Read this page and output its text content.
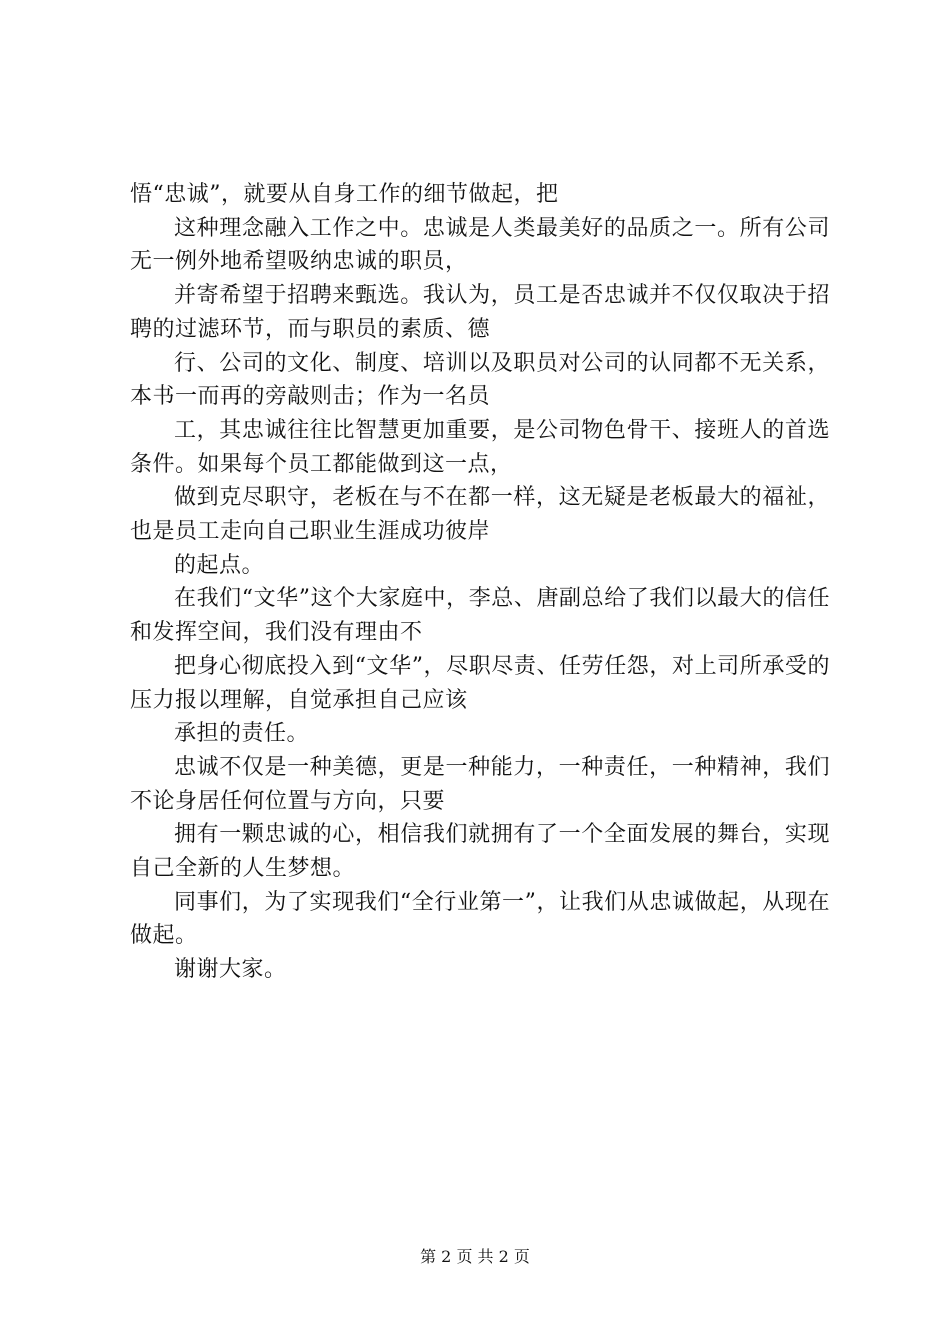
悟“忠诚”，就要从自身工作的细节做起，把

这种理念融入工作之中。忠诚是人类最美好的品质之一。所有公司无一例外地希望吸纳忠诚的职员，

并寄希望于招聘来甄选。我认为，员工是否忠诚并不仅仅取决于招聘的过滤环节，而与职员的素质、德

行、公司的文化、制度、培训以及职员对公司的认同都不无关系，本书一而再的旁敲则击；作为一名员

工，其忠诚往往比智慧更加重要，是公司物色骨干、接班人的首选条件。如果每个员工都能做到这一点，

做到克尽职守，老板在与不在都一样，这无疑是老板最大的福祉，也是员工走向自己职业生涯成功彼岸

的起点。

在我们“文华”这个大家庭中，李总、唐副总给了我们以最大的信任和发挥空间，我们没有理由不

把身心彻底投入到“文华”，尽职尽责、任劳任怨，对上司所承受的压力报以理解，自觉承担自己应该

承担的责任。

忠诚不仅是一种美德，更是一种能力，一种责任，一种精神，我们不论身居任何位置与方向，只要

拥有一颗忠诚的心，相信我们就拥有了一个全面发展的舞台，实现自己全新的人生梦想。

同事们，为了实现我们“全行业第一”，让我们从忠诚做起，从现在做起。

谢谢大家。

第 2 页 共 2 页
